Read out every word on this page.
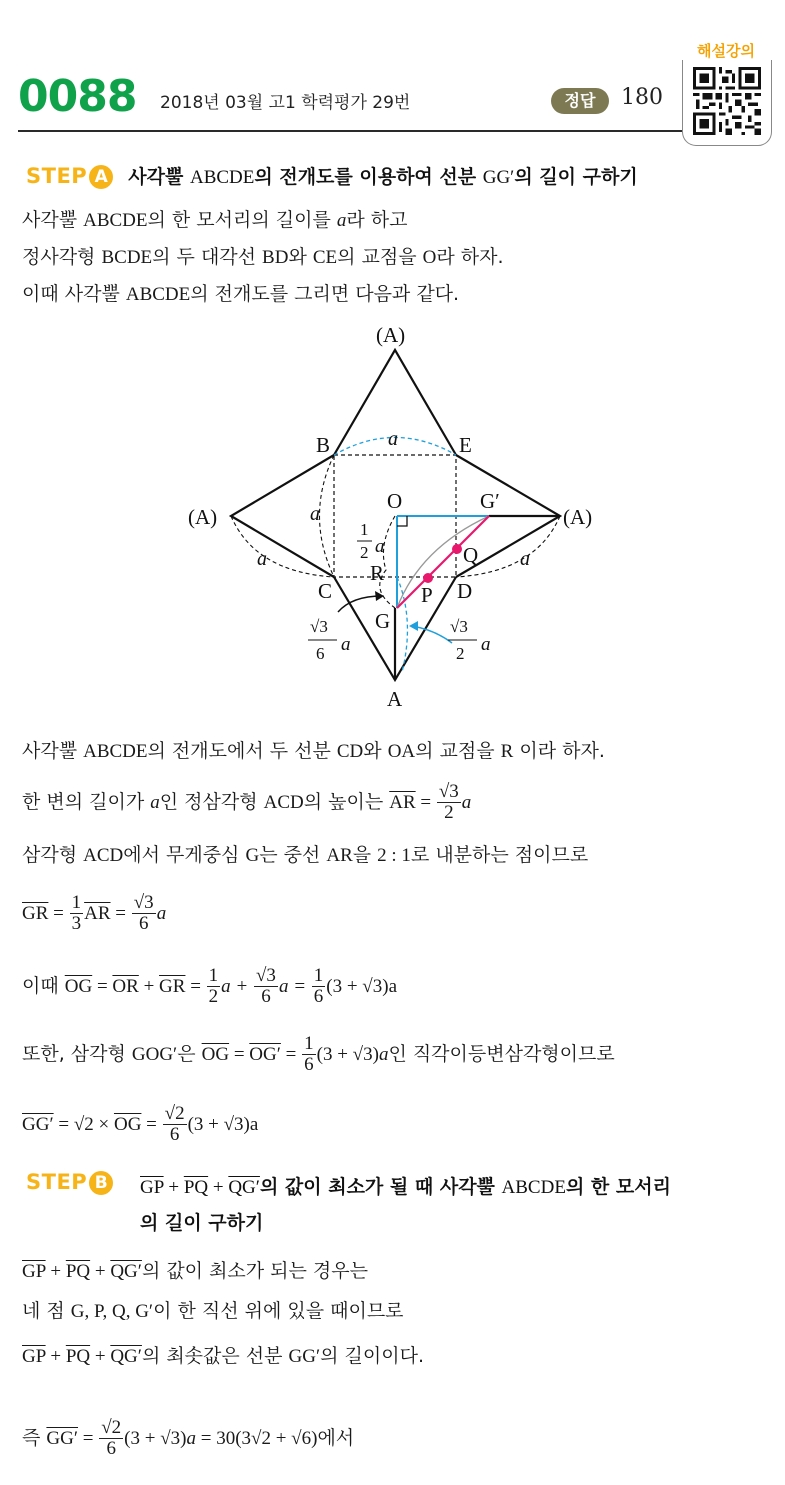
0088 2018년 03월 고1 학력평가 29번	정답	180
해설강의
STEP A 사각뿔 ABCDE의 전개도를 이용하여 선분 GG′의 길이 구하기
사각뿔 ABCDE의 한 모서리의 길이를 a라 하고
정사각형 BCDE의 두 대각선 BD와 CE의 교점을 O라 하자.
이때 사각뿔 ABCDE의 전개도를 그리면 다음과 같다.
(A)
(A)	(A)
A
B	E
C	D
O	G′
Q
P
R
G
a
a
a	a
1
2 a
√3
6 a
√3
2 a
사각뿔 ABCDE의 전개도에서 두 선분 CD와 OA의 교점을 R 이라 하자.
한 변의 길이가 a인 정삼각형 ACD의 높이는 $\overline{AR} = \frac{√3}{2}$ a
삼각형 ACD에서 무게중심 G는 중선 AR을 2 : 1로 내분하는 점이므로
$\overline{GR} = \frac{1}{3} \overline{AR} = \frac{√3}{6}$ a
이때 $\overline{OG} = \overline{OR} + \overline{GR} = \frac{1}{2}$ $a + \frac{√3}{6}$ $a = \frac{1}{6} (3 + √3)a$
또한, 삼각형 GOG′은 $\overline{OG} = OG' = \frac{1}{6} (3 + √3)a$인 직각이등변삼각형이므로
$GG' = √2 \times \overline{OG} = \frac{√2}{6} (3 + √3)a$
STEP B $\overline{GP} + \overline{PQ} + QG'$의 값이 최소가 될 때 사각뿔 ABCDE의 한 모서리
의 길이 구하기
$\overline{GP} + \overline{PQ} + QG'$의 값이 최소가 되는 경우는
네 점 G, P, Q, G′이 한 직선 위에 있을 때이므로
$\overline{GP} + \overline{PQ} + QG'$의 최솟값은 선분 GG′의 길이이다.
즉 $GG' = \frac{√2}{6} (3 + √3)a = 30(3√2 + √6)$에서
